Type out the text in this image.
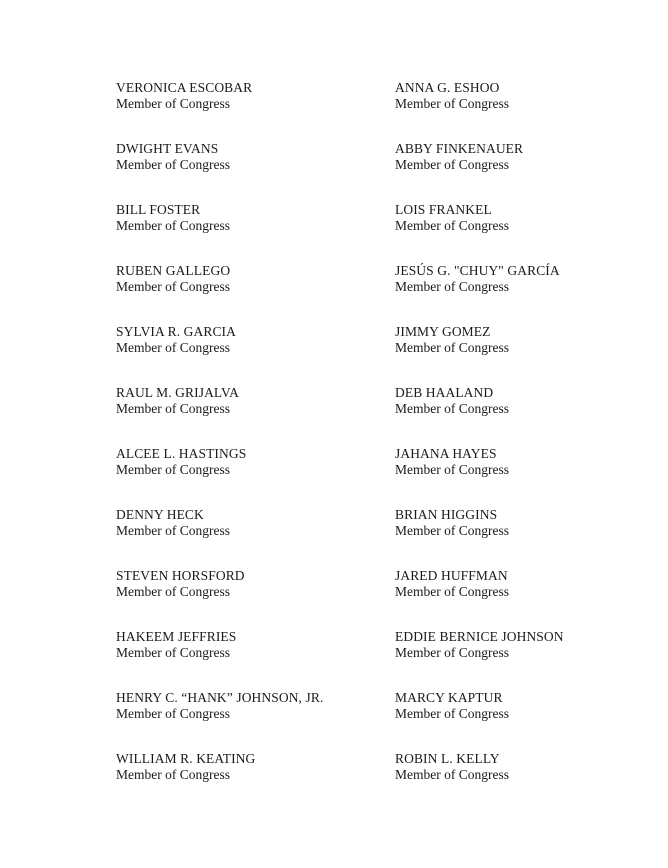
VERONICA ESCOBAR
Member of Congress
DWIGHT EVANS
Member of Congress
BILL FOSTER
Member of Congress
RUBEN GALLEGO
Member of Congress
SYLVIA R. GARCIA
Member of Congress
RAUL M. GRIJALVA
Member of Congress
ALCEE L. HASTINGS
Member of Congress
DENNY HECK
Member of Congress
STEVEN HORSFORD
Member of Congress
HAKEEM JEFFRIES
Member of Congress
HENRY C. “HANK” JOHNSON, JR.
Member of Congress
WILLIAM R. KEATING
Member of Congress
ANNA G. ESHOO
Member of Congress
ABBY FINKENAUER
Member of Congress
LOIS FRANKEL
Member of Congress
JESÚS G. "CHUY" GARCÍA
Member of Congress
JIMMY GOMEZ
Member of Congress
DEB HAALAND
Member of Congress
JAHANA HAYES
Member of Congress
BRIAN HIGGINS
Member of Congress
JARED HUFFMAN
Member of Congress
EDDIE BERNICE JOHNSON
Member of Congress
MARCY KAPTUR
Member of Congress
ROBIN L. KELLY
Member of Congress
